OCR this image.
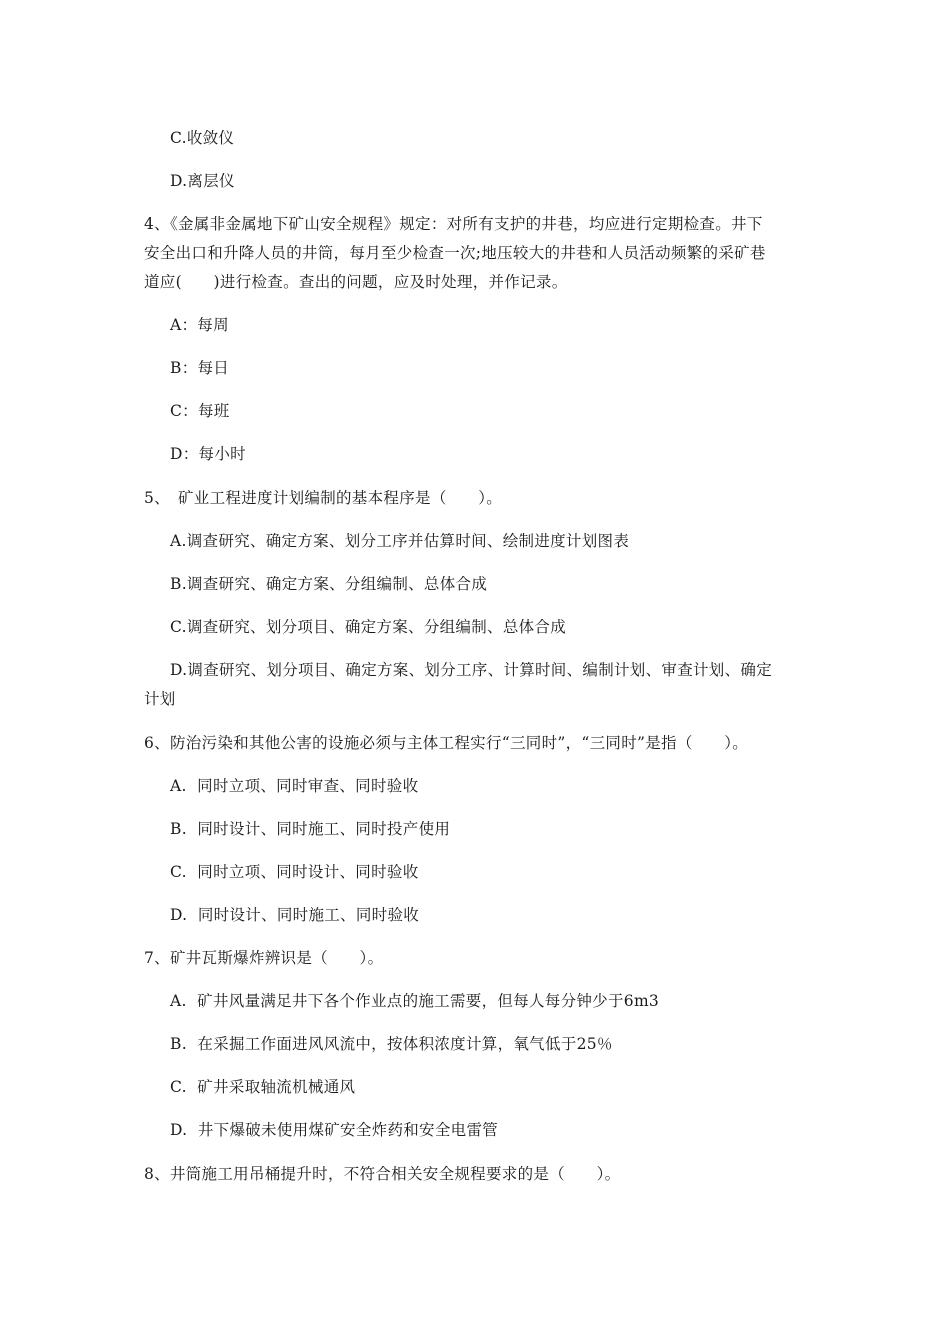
C.收敛仪
D.离层仪
4、《金属非金属地下矿山安全规程》规定：对所有支护的井巷，均应进行定期检查。井下
安全出口和升降人员的井筒，每月至少检查一次;地压较大的井巷和人员活动频繁的采矿巷
道应(　　)进行检查。查出的问题，应及时处理，并作记录。
A：每周
B：每日
C：每班
D：每小时
5、　矿业工程进度计划编制的基本程序是（　　）。
A.调查研究、确定方案、划分工序并估算时间、绘制进度计划图表
B.调查研究、确定方案、分组编制、总体合成
C.调查研究、划分项目、确定方案、分组编制、总体合成
D.调查研究、划分项目、确定方案、划分工序、计算时间、编制计划、审查计划、确定
计划
6、防治污染和其他公害的设施必须与主体工程实行“三同时”，“三同时”是指（　　）。
A.  同时立项、同时审查、同时验收
B.  同时设计、同时施工、同时投产使用
C.  同时立项、同时设计、同时验收
D.  同时设计、同时施工、同时验收
7、矿井瓦斯爆炸辨识是（　　）。
A.  矿井风量满足井下各个作业点的施工需要，但每人每分钟少于6m3
B.  在采掘工作面进风风流中，按体积浓度计算，氧气低于25％
C.  矿井采取轴流机械通风
D.  井下爆破未使用煤矿安全炸药和安全电雷管
8、井筒施工用吊桶提升时，不符合相关安全规程要求的是（　　）。
